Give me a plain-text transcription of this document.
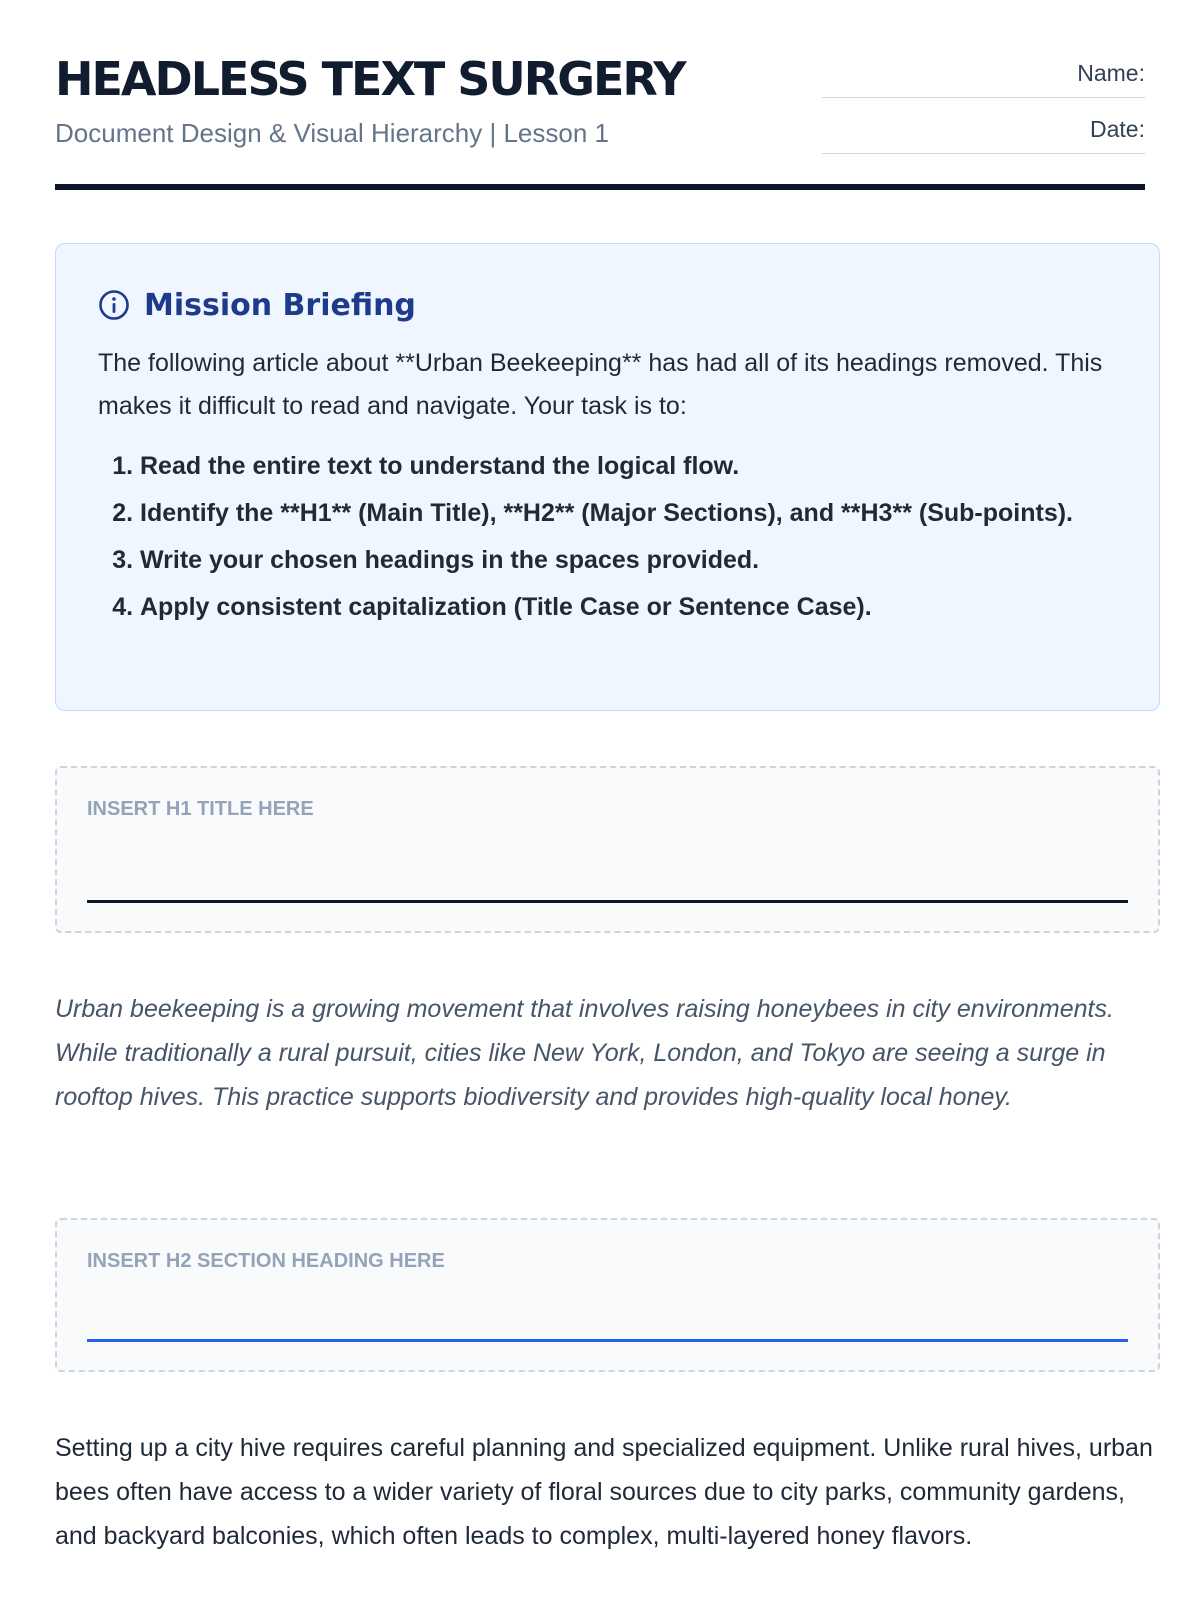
HEADLESS TEXT SURGERY

Document Design & Visual Hierarchy | Lesson 1

Name:
Date:
Mission Briefing

The following article about **Urban Beekeeping** has had all of its headings removed. This makes it difficult to read and navigate. Your task is to:

1. Read the entire text to understand the logical flow.
2. Identify the **H1** (Main Title), **H2** (Major Sections), and **H3** (Sub-points).
3. Write your chosen headings in the spaces provided.
4. Apply consistent capitalization (Title Case or Sentence Case).
INSERT H1 TITLE HERE

Urban beekeeping is a growing movement that involves raising honeybees in city environments. While traditionally a rural pursuit, cities like New York, London, and Tokyo are seeing a surge in rooftop hives. This practice supports biodiversity and provides high-quality local honey.

INSERT H2 SECTION HEADING HERE

Setting up a city hive requires careful planning and specialized equipment. Unlike rural hives, urban bees often have access to a wider variety of floral sources due to city parks, community gardens, and backyard balconies, which often leads to complex, multi-layered honey flavors.
